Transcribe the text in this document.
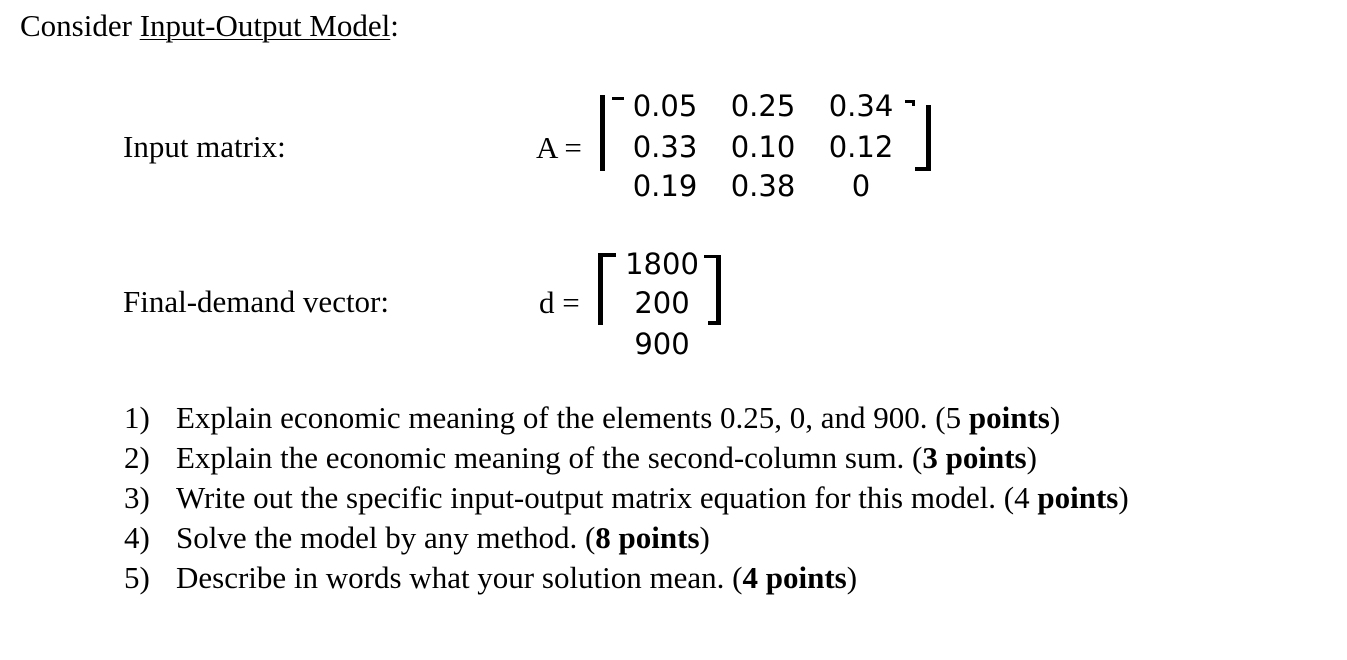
Consider Input-Output Model:
Input matrix:	A =
0.05 0.25 0.34
0.33 0.10 0.12
0.19 0.38	0
Final-demand vector:	d =
1800
200
900
1) Explain economic meaning of the elements 0.25, 0, and 900. (5 points)
2) Explain the economic meaning of the second-column sum. (3 points)
3) Write out the specific input-output matrix equation for this model. (4 points)
4) Solve the model by any method. (8 points)
5) Describe in words what your solution mean. (4 points)
